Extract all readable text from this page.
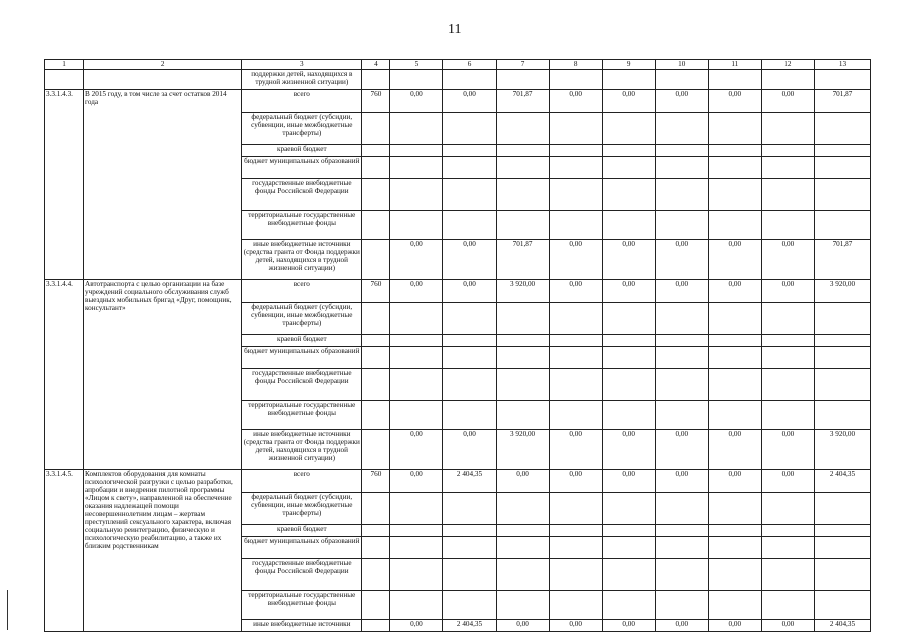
11
1	2	3	4	5	6	7	8	9	10	11	12	13
		поддержки детей, находящихся в трудной жизненной ситуации)										
3.3.1.4.3.	В 2015 году, в том числе за счет остатков 2014 года	всего	760	0,00	0,00	701,87	0,00	0,00	0,00	0,00	0,00	701,87
		федеральный бюджет (субсидии, субвенции, иные межбюджетные трансферты)										
		краевой бюджет										
		бюджет муниципальных образований										
		государственные внебюджетные фонды Российской Федерации										
		территориальные государственные внебюджетные фонды										
		иные внебюджетные источники (средства гранта от Фонда поддержки детей, находящихся в трудной жизненной ситуации)		0,00	0,00	701,87	0,00	0,00	0,00	0,00	0,00	701,87
3.3.1.4.4.	Автотранспорта с целью организации на базе учреждений социального обслуживания служб выездных мобильных бригад «Друг, помощник, консультант»	всего	760	0,00	0,00	3 920,00	0,00	0,00	0,00	0,00	0,00	3 920,00
		федеральный бюджет (субсидии, субвенции, иные межбюджетные трансферты)										
		краевой бюджет										
		бюджет муниципальных образований										
		государственные внебюджетные фонды Российской Федерации										
		территориальные государственные внебюджетные фонды										
		иные внебюджетные источники (средства гранта от Фонда поддержки детей, находящихся в трудной жизненной ситуации)		0,00	0,00	3 920,00	0,00	0,00	0,00	0,00	0,00	3 920,00
3.3.1.4.5.	Комплектов оборудования для комнаты психологической разгрузки с целью разработки, апробации и внедрения пилотной программы «Лицом к свету», направленной на обеспечение оказания надлежащей помощи несовершеннолетним лицам – жертвам преступлений сексуального характера, включая социальную реинтеграцию, физическую и психологическую реабилитацию, а также их близким родственникам	всего	760	0,00	2 404,35	0,00	0,00	0,00	0,00	0,00	0,00	2 404,35
		федеральный бюджет (субсидии, субвенции, иные межбюджетные трансферты)										
		краевой бюджет										
		бюджет муниципальных образований										
		государственные внебюджетные фонды Российской Федерации										
		территориальные государственные внебюджетные фонды										
		иные внебюджетные источники		0,00	2 404,35	0,00	0,00	0,00	0,00	0,00	0,00	2 404,35
